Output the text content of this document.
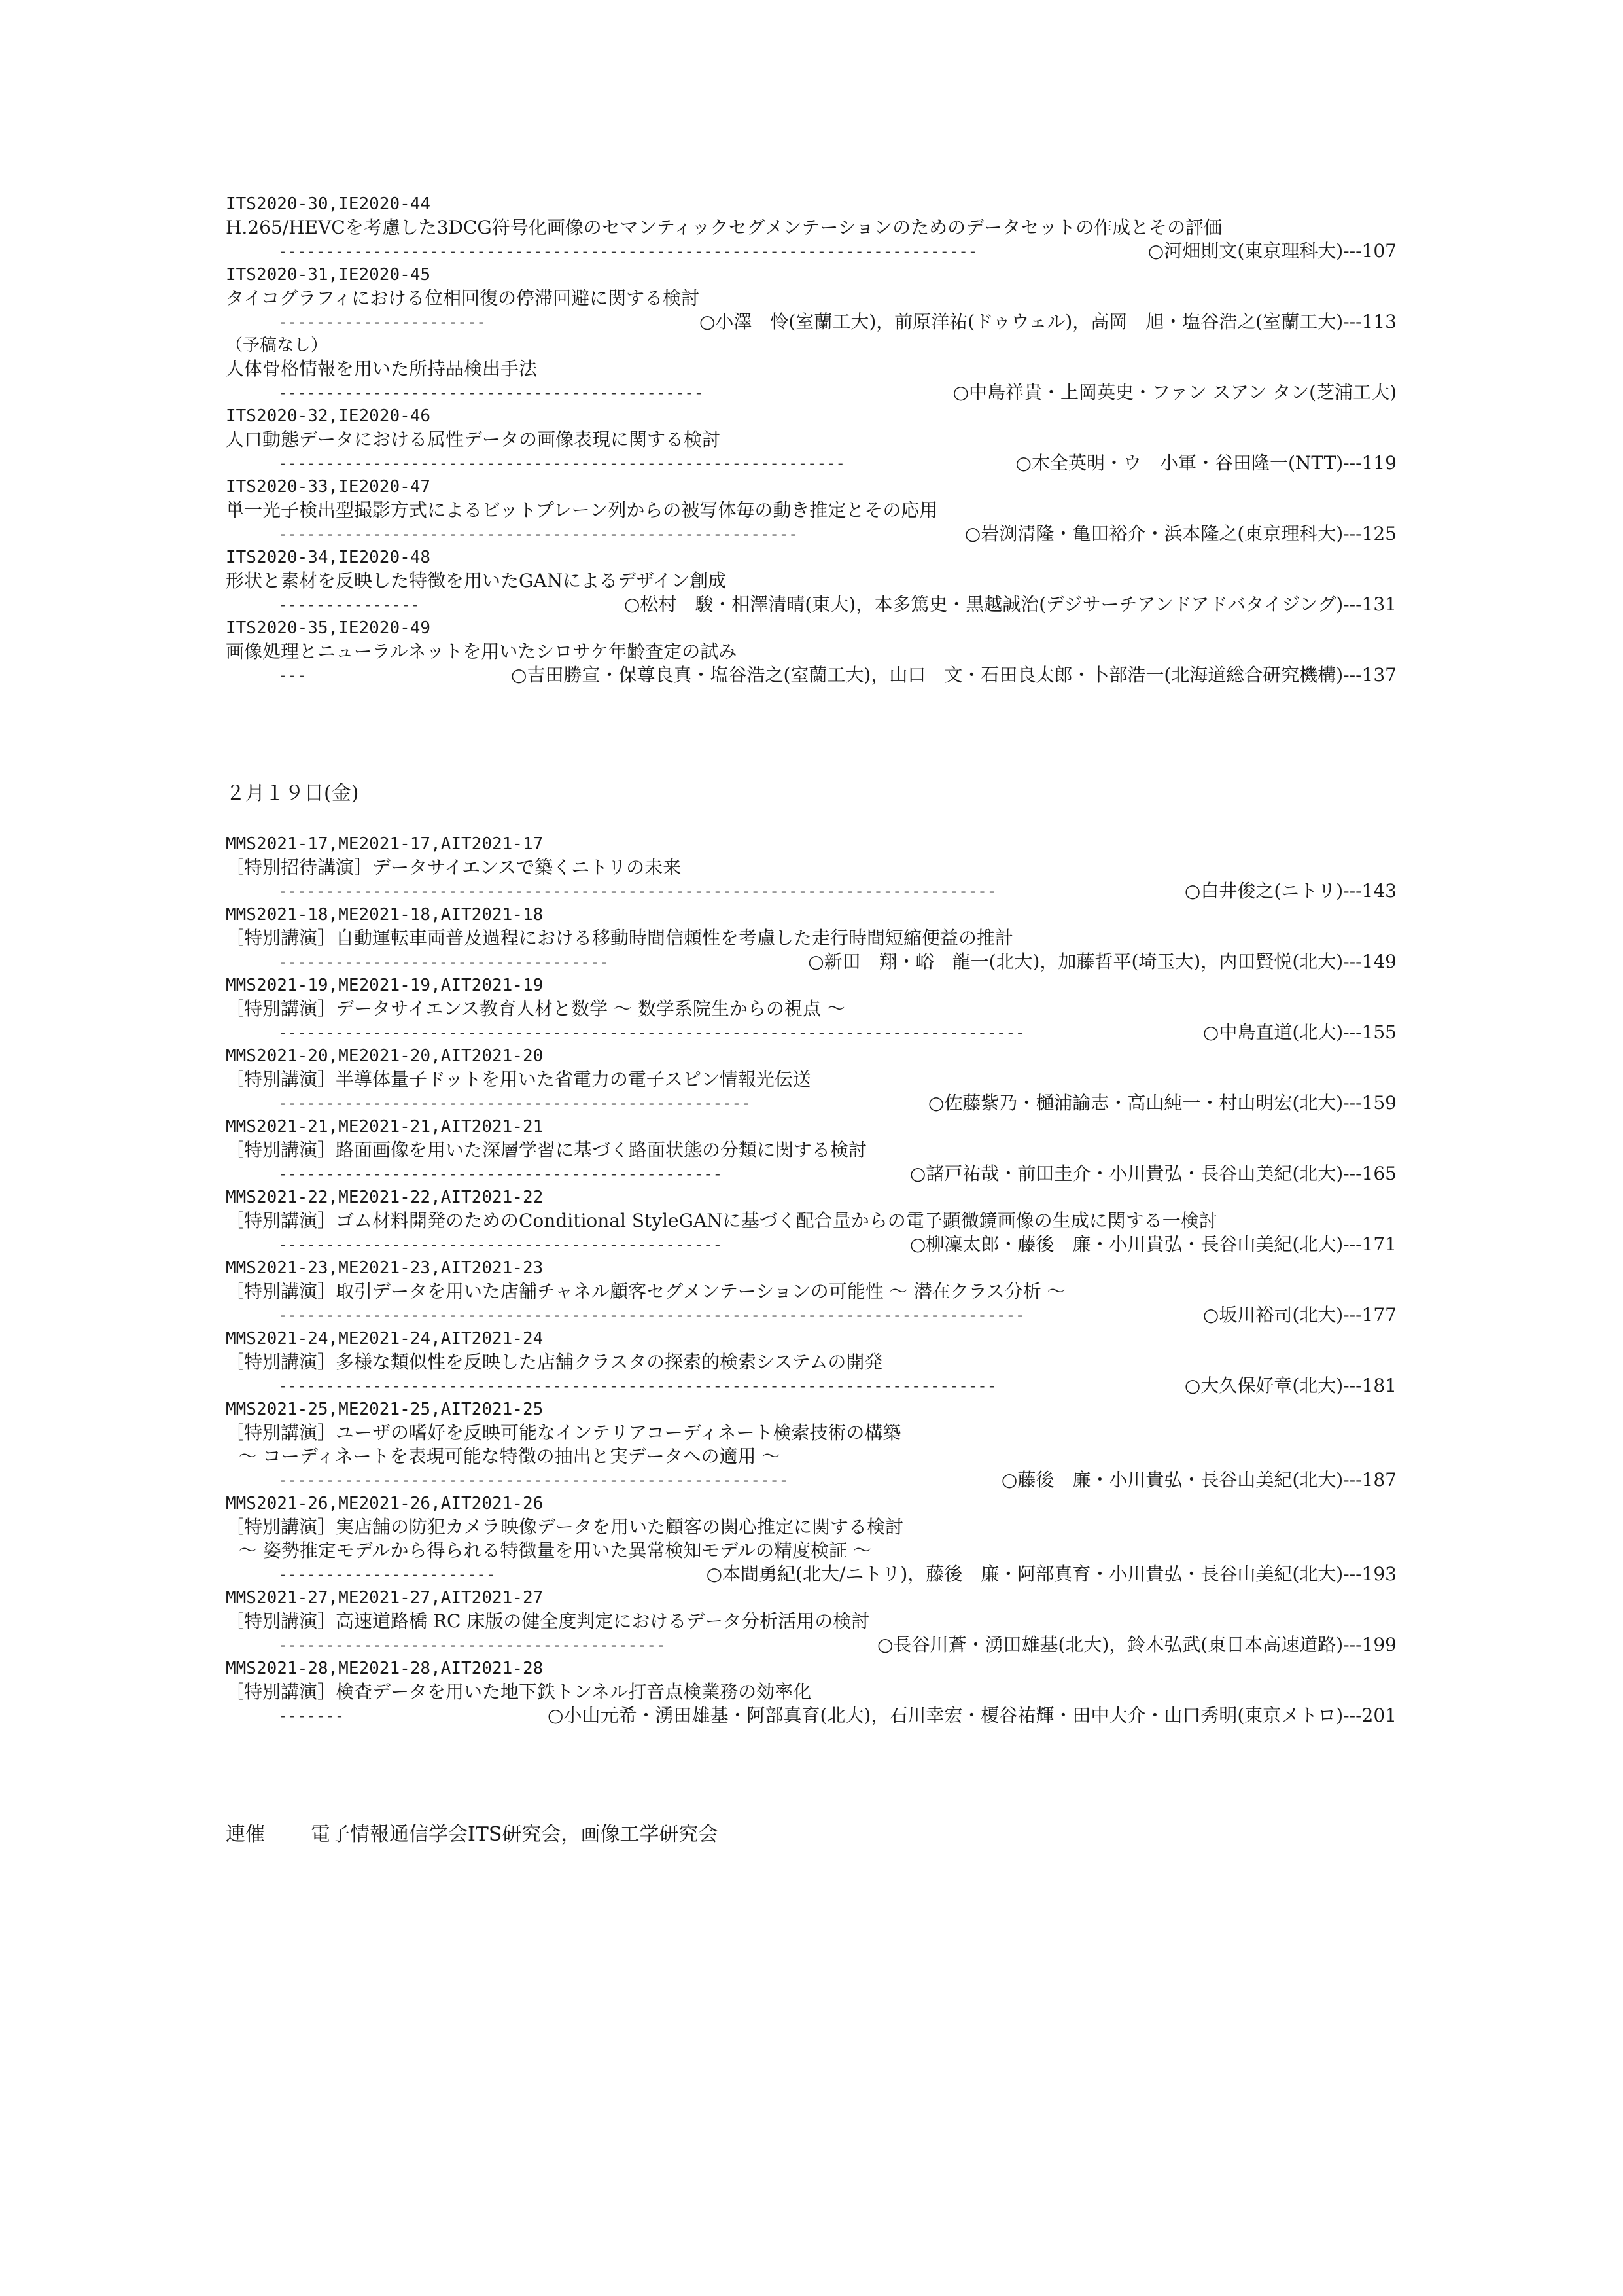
ITS2020-30,IE2020-44
H.265/HEVCを考慮した3DCG符号化画像のセマンティックセグメンテーションのためのデータセットの作成とその評価
--------------------------------------------------------------------------	○河畑則文(東京理科大)---107
ITS2020-31,IE2020-45
タイコグラフィにおける位相回復の停滞回避に関する検討
----------------------	○小澤　怜(室蘭工大)，前原洋祐(ドゥウェル)，高岡　旭・塩谷浩之(室蘭工大)---113
（予稿なし）
人体骨格情報を用いた所持品検出手法
---------------------------------------------	○中島祥貴・上岡英史・ファン スアン タン(芝浦工大)
ITS2020-32,IE2020-46
人口動態データにおける属性データの画像表現に関する検討
------------------------------------------------------------	○木全英明・ウ　小軍・谷田隆一(NTT)---119
ITS2020-33,IE2020-47
単一光子検出型撮影方式によるビットプレーン列からの被写体毎の動き推定とその応用
-------------------------------------------------------	○岩渕清隆・亀田裕介・浜本隆之(東京理科大)---125
ITS2020-34,IE2020-48
形状と素材を反映した特徴を用いたGANによるデザイン創成
---------------	○松村　駿・相澤清晴(東大)，本多篤史・黒越誠治(デジサーチアンドアドバタイジング)---131
ITS2020-35,IE2020-49
画像処理とニューラルネットを用いたシロサケ年齢査定の試み
---	○吉田勝宣・保尊良真・塩谷浩之(室蘭工大)，山口　文・石田良太郎・卜部浩一(北海道総合研究機構)---137
２月１９日(金)
MMS2021-17,ME2021-17,AIT2021-17
［特別招待講演］データサイエンスで築くニトリの未来
----------------------------------------------------------------------------	○白井俊之(ニトリ)---143
MMS2021-18,ME2021-18,AIT2021-18
［特別講演］自動運転車両普及過程における移動時間信頼性を考慮した走行時間短縮便益の推計
-----------------------------------	○新田　翔・峪　龍一(北大)，加藤哲平(埼玉大)，内田賢悦(北大)---149
MMS2021-19,ME2021-19,AIT2021-19
［特別講演］データサイエンス教育人材と数学 ～ 数学系院生からの視点 ～
-------------------------------------------------------------------------------	○中島直道(北大)---155
MMS2021-20,ME2021-20,AIT2021-20
［特別講演］半導体量子ドットを用いた省電力の電子スピン情報光伝送
--------------------------------------------------	○佐藤紫乃・樋浦諭志・高山純一・村山明宏(北大)---159
MMS2021-21,ME2021-21,AIT2021-21
［特別講演］路面画像を用いた深層学習に基づく路面状態の分類に関する検討
-----------------------------------------------	○諸戸祐哉・前田圭介・小川貴弘・長谷山美紀(北大)---165
MMS2021-22,ME2021-22,AIT2021-22
［特別講演］ゴム材料開発のためのConditional StyleGANに基づく配合量からの電子顕微鏡画像の生成に関する一検討
-----------------------------------------------	○柳凜太郎・藤後　廉・小川貴弘・長谷山美紀(北大)---171
MMS2021-23,ME2021-23,AIT2021-23
［特別講演］取引データを用いた店舗チャネル顧客セグメンテーションの可能性 ～ 潜在クラス分析 ～
-------------------------------------------------------------------------------	○坂川裕司(北大)---177
MMS2021-24,ME2021-24,AIT2021-24
［特別講演］多様な類似性を反映した店舗クラスタの探索的検索システムの開発
----------------------------------------------------------------------------	○大久保好章(北大)---181
MMS2021-25,ME2021-25,AIT2021-25
［特別講演］ユーザの嗜好を反映可能なインテリアコーディネート検索技術の構築
～ コーディネートを表現可能な特徴の抽出と実データへの適用 ～
------------------------------------------------------	○藤後　廉・小川貴弘・長谷山美紀(北大)---187
MMS2021-26,ME2021-26,AIT2021-26
［特別講演］実店舗の防犯カメラ映像データを用いた顧客の関心推定に関する検討
～ 姿勢推定モデルから得られる特徴量を用いた異常検知モデルの精度検証 ～
-----------------------	○本間勇紀(北大/ニトリ)，藤後　廉・阿部真育・小川貴弘・長谷山美紀(北大)---193
MMS2021-27,ME2021-27,AIT2021-27
［特別講演］高速道路橋 RC 床版の健全度判定におけるデータ分析活用の検討
-----------------------------------------	○長谷川蒼・湧田雄基(北大)，鈴木弘武(東日本高速道路)---199
MMS2021-28,ME2021-28,AIT2021-28
［特別講演］検査データを用いた地下鉄トンネル打音点検業務の効率化
-------	○小山元希・湧田雄基・阿部真育(北大)，石川幸宏・榎谷祐輝・田中大介・山口秀明(東京メトロ)---201
連催 電子情報通信学会ITS研究会，画像工学研究会
